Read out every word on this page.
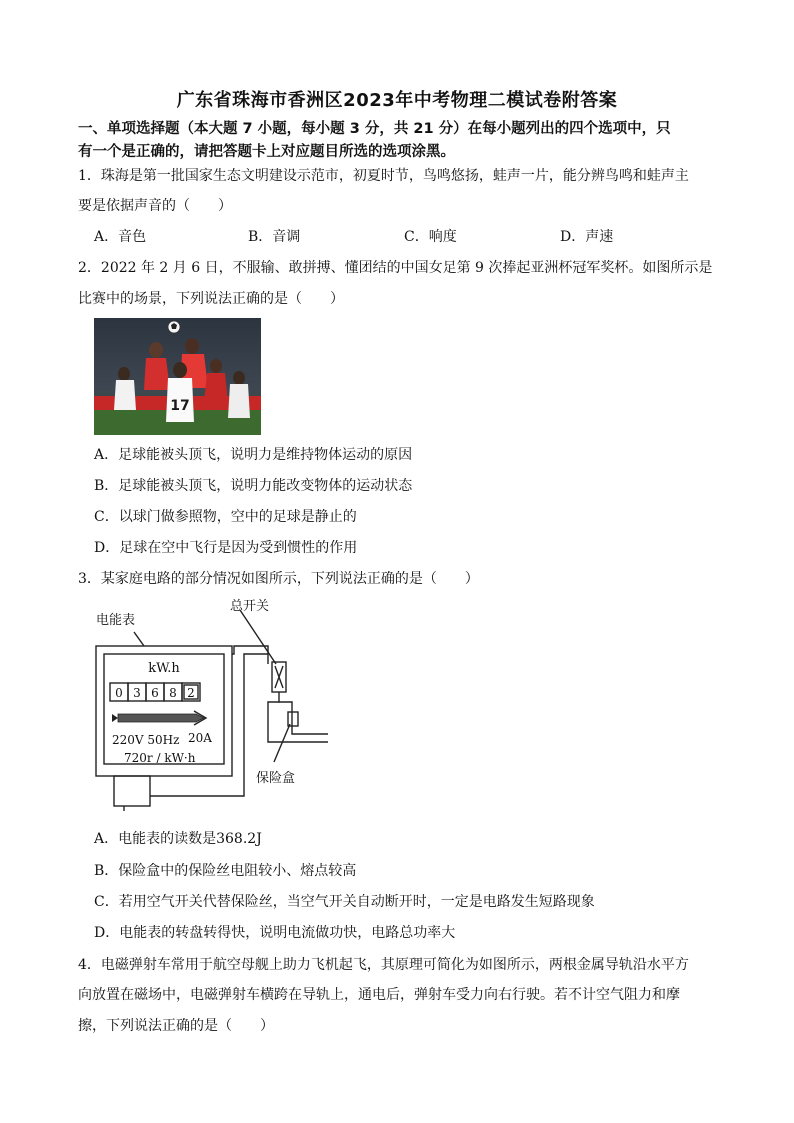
广东省珠海市香洲区2023年中考物理二模试卷附答案
一、单项选择题（本大题 7 小题，每小题 3 分，共 21 分）在每小题列出的四个选项中，只
有一个是正确的，请把答题卡上对应题目所选的选项涂黑。
1．珠海是第一批国家生态文明建设示范市，初夏时节，鸟鸣悠扬，蛙声一片，能分辨鸟鸣和蛙声主
要是依据声音的（　　）
A．音色	B．音调	C．响度	D．声速
2．2022 年 2 月 6 日，不服输、敢拼搏、懂团结的中国女足第 9 次捧起亚洲杯冠军奖杯。如图所示是
比赛中的场景，下列说法正确的是（　　）
17
A．足球能被头顶飞，说明力是维持物体运动的原因
B．足球能被头顶飞，说明力能改变物体的运动状态
C．以球门做参照物，空中的足球是静止的
D．足球在空中飞行是因为受到惯性的作用
3．某家庭电路的部分情况如图所示，下列说法正确的是（　　）
总开关
电能表
保险盒
kW.h
0 3 6 8 2
220V 50Hz 20A
720r / kW·h
A．电能表的读数是368.2J
B．保险盒中的保险丝电阻较小、熔点较高
C．若用空气开关代替保险丝，当空气开关自动断开时，一定是电路发生短路现象
D．电能表的转盘转得快，说明电流做功快，电路总功率大
4．电磁弹射车常用于航空母舰上助力飞机起飞，其原理可简化为如图所示，两根金属导轨沿水平方
向放置在磁场中，电磁弹射车横跨在导轨上，通电后，弹射车受力向右行驶。若不计空气阻力和摩
擦，下列说法正确的是（　　）
